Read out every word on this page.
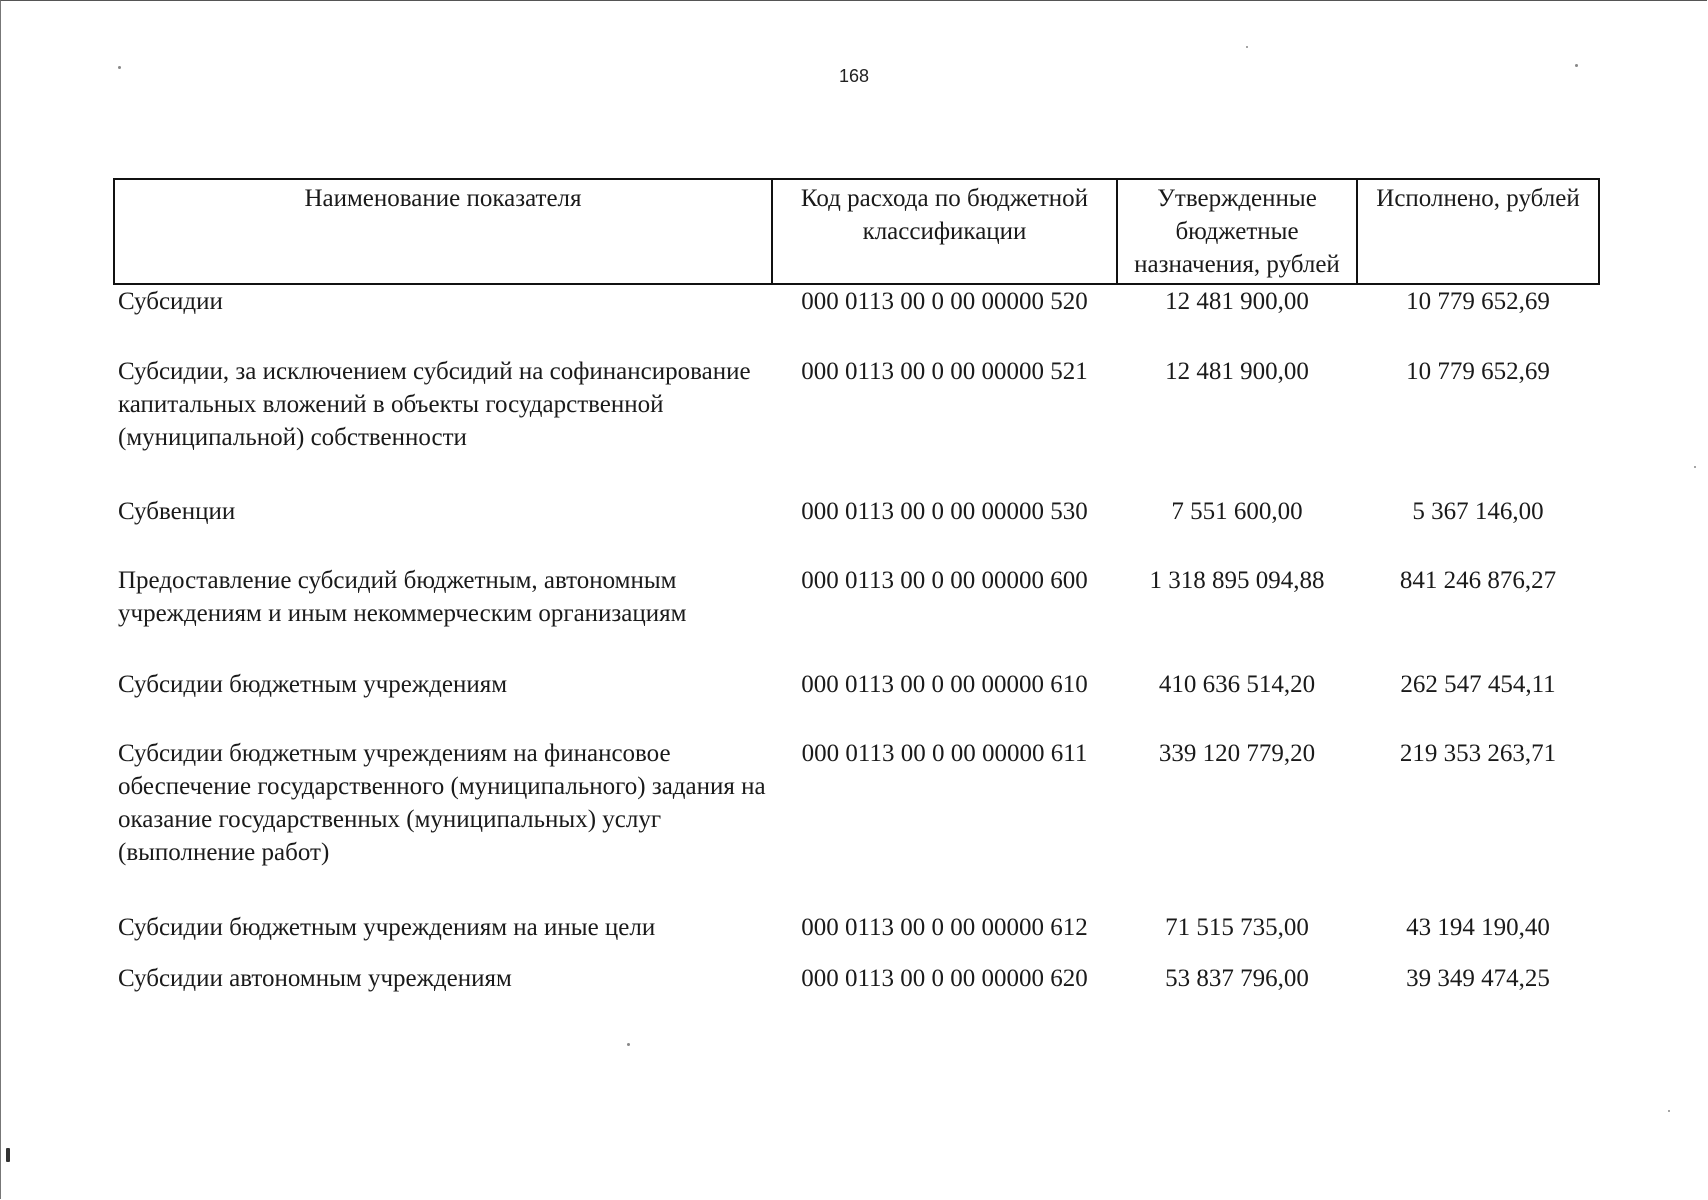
168
Наименование показателя	Код расхода по бюджетной классификации	Утвержденные бюджетные назначения, рублей	Исполнено, рублей
Субсидии	000 0113 00 0 00 00000 520	12 481 900,00	10 779 652,69
Субсидии, за исключением субсидий на софинансирование капитальных вложений в объекты государственной (муниципальной) собственности	000 0113 00 0 00 00000 521	12 481 900,00	10 779 652,69
Субвенции	000 0113 00 0 00 00000 530	7 551 600,00	5 367 146,00
Предоставление субсидий бюджетным, автономным учреждениям и иным некоммерческим организациям	000 0113 00 0 00 00000 600	1 318 895 094,88	841 246 876,27
Субсидии бюджетным учреждениям	000 0113 00 0 00 00000 610	410 636 514,20	262 547 454,11
Субсидии бюджетным учреждениям на финансовое обеспечение государственного (муниципального) задания на оказание государственных (муниципальных) услуг (выполнение работ)	000 0113 00 0 00 00000 611	339 120 779,20	219 353 263,71
Субсидии бюджетным учреждениям на иные цели	000 0113 00 0 00 00000 612	71 515 735,00	43 194 190,40
Субсидии автономным учреждениям	000 0113 00 0 00 00000 620	53 837 796,00	39 349 474,25
